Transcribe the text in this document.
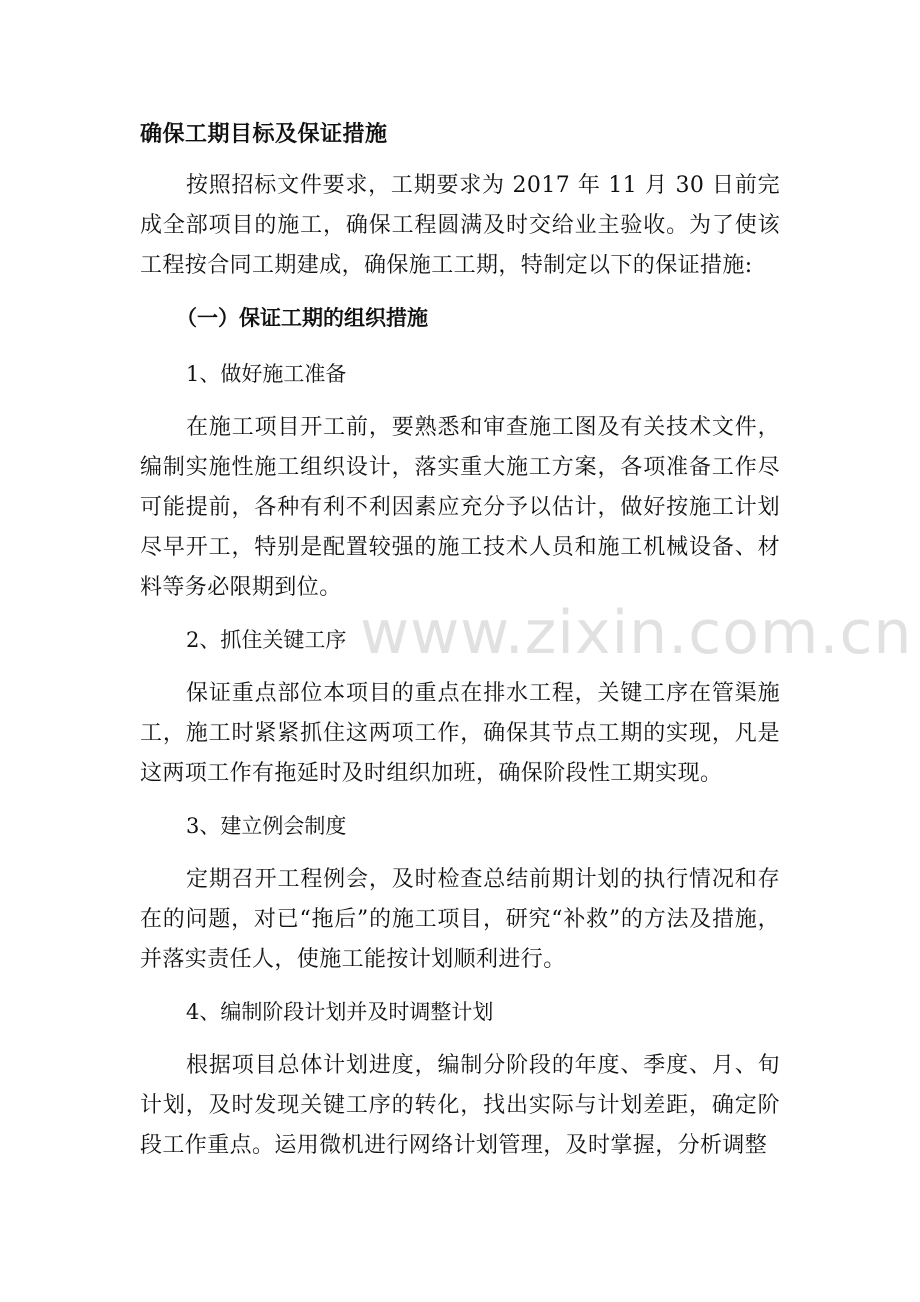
确保工期目标及保证措施

按照招标文件要求，工期要求为 2017 年 11 月 30 日前完成全部项目的施工，确保工程圆满及时交给业主验收。为了使该工程按合同工期建成，确保施工工期，特制定以下的保证措施:

（一）保证工期的组织措施
1、做好施工准备

在施工项目开工前，要熟悉和审查施工图及有关技术文件，编制实施性施工组织设计，落实重大施工方案，各项准备工作尽可能提前，各种有利不利因素应充分予以估计，做好按施工计划尽早开工，特别是配置较强的施工技术人员和施工机械设备、材料等务必限期到位。

2、抓住关键工序

保证重点部位本项目的重点在排水工程，关键工序在管渠施工，施工时紧紧抓住这两项工作，确保其节点工期的实现，凡是这两项工作有拖延时及时组织加班，确保阶段性工期实现。

3、建立例会制度

定期召开工程例会，及时检查总结前期计划的执行情况和存在的问题，对已“拖后”的施工项目，研究“补救”的方法及措施，并落实责任人，使施工能按计划顺利进行。

4、编制阶段计划并及时调整计划

根据项目总体计划进度，编制分阶段的年度、季度、月、旬计划，及时发现关键工序的转化，找出实际与计划差距，确定阶段工作重点。运用微机进行网络计划管理，及时掌握，分析调整

www.zixin.com.cn
